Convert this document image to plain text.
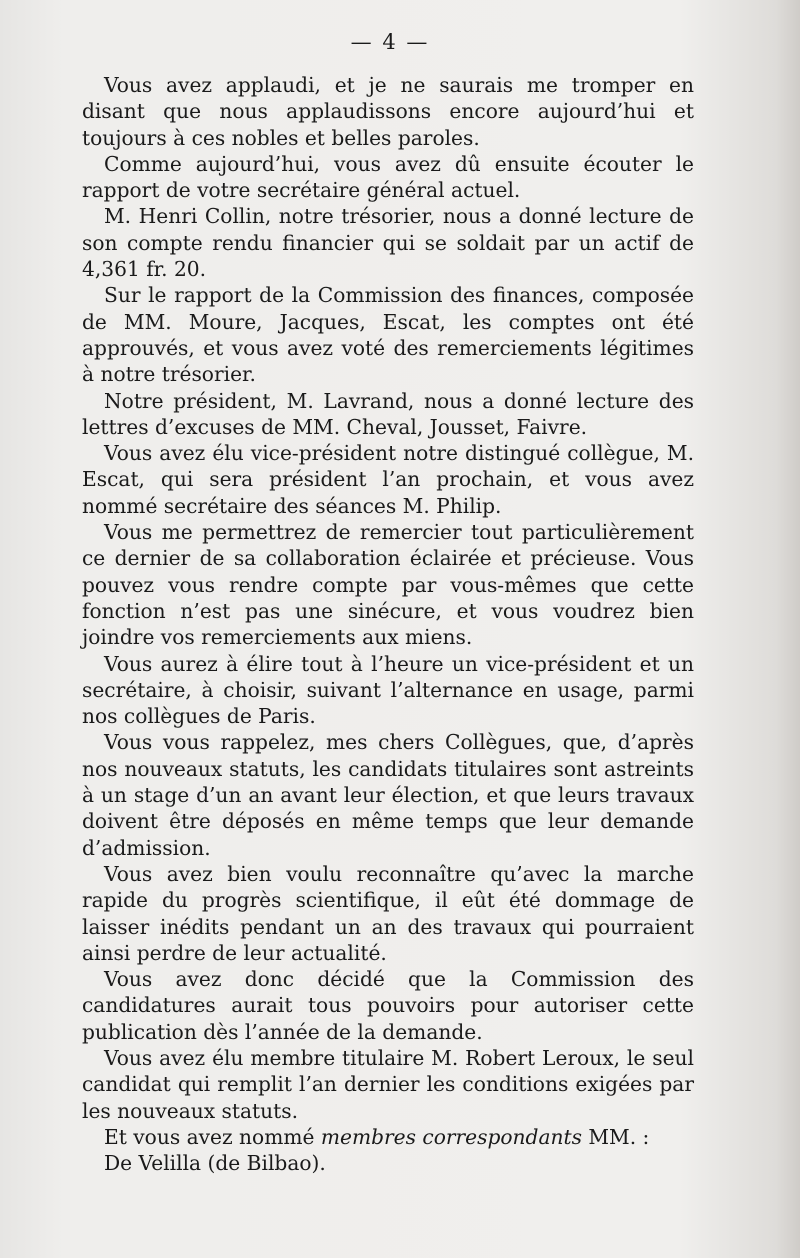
— 4 —

Vous avez applaudi, et je ne saurais me tromper en disant que nous applaudissons encore aujourd’hui et toujours à ces nobles et belles paroles.

Comme aujourd’hui, vous avez dû ensuite écouter le rapport de votre secrétaire général actuel.

M. Henri Collin, notre trésorier, nous a donné lecture de son compte rendu financier qui se soldait par un actif de 4,361 fr. 20.

Sur le rapport de la Commission des finances, composée de MM. Moure, Jacques, Escat, les comptes ont été approuvés, et vous avez voté des remerciements légitimes à notre trésorier.

Notre président, M. Lavrand, nous a donné lecture des lettres d’excuses de MM. Cheval, Jousset, Faivre.

Vous avez élu vice-président notre distingué collègue, M. Escat, qui sera président l’an prochain, et vous avez nommé secrétaire des séances M. Philip.

Vous me permettrez de remercier tout particulièrement ce dernier de sa collaboration éclairée et précieuse. Vous pouvez vous rendre compte par vous-mêmes que cette fonction n’est pas une sinécure, et vous voudrez bien joindre vos remerciements aux miens.

Vous aurez à élire tout à l’heure un vice-président et un secrétaire, à choisir, suivant l’alternance en usage, parmi nos collègues de Paris.

Vous vous rappelez, mes chers Collègues, que, d’après nos nouveaux statuts, les candidats titulaires sont astreints à un stage d’un an avant leur élection, et que leurs travaux doivent être déposés en même temps que leur demande d’admission.

Vous avez bien voulu reconnaître qu’avec la marche rapide du progrès scientifique, il eût été dommage de laisser inédits pendant un an des travaux qui pourraient ainsi perdre de leur actualité.

Vous avez donc décidé que la Commission des candidatures aurait tous pouvoirs pour autoriser cette publication dès l’année de la demande.

Vous avez élu membre titulaire M. Robert Leroux, le seul candidat qui remplit l’an dernier les conditions exigées par les nouveaux statuts.

Et vous avez nommé membres correspondants MM. :

De Velilla (de Bilbao).
